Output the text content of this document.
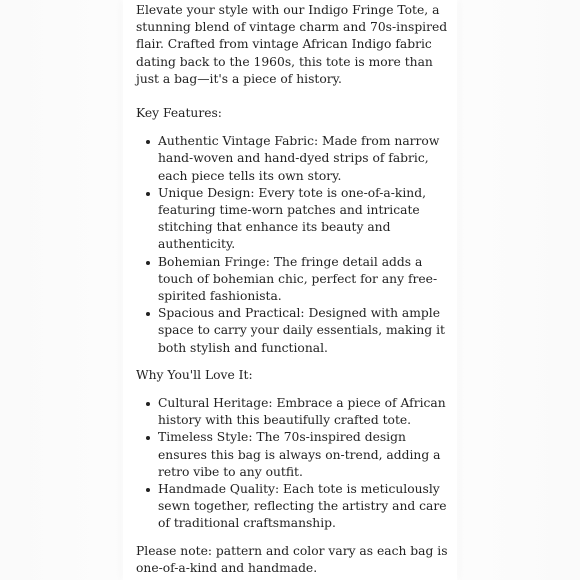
Elevate your style with our Indigo Fringe Tote, a stunning blend of vintage charm and 70s-inspired flair. Crafted from vintage African Indigo fabric dating back to the 1960s, this tote is more than just a bag—it's a piece of history.

Key Features:

Authentic Vintage Fabric: Made from narrow hand-woven and hand-dyed strips of fabric, each piece tells its own story.
Unique Design: Every tote is one-of-a-kind, featuring time-worn patches and intricate stitching that enhance its beauty and authenticity.
Bohemian Fringe: The fringe detail adds a touch of bohemian chic, perfect for any free-spirited fashionista.
Spacious and Practical: Designed with ample space to carry your daily essentials, making it both stylish and functional.

Why You'll Love It:

Cultural Heritage: Embrace a piece of African history with this beautifully crafted tote.
Timeless Style: The 70s-inspired design ensures this bag is always on-trend, adding a retro vibe to any outfit.
Handmade Quality: Each tote is meticulously sewn together, reflecting the artistry and care of traditional craftsmanship.

Please note: pattern and color vary as each bag is one-of-a-kind and handmade.
